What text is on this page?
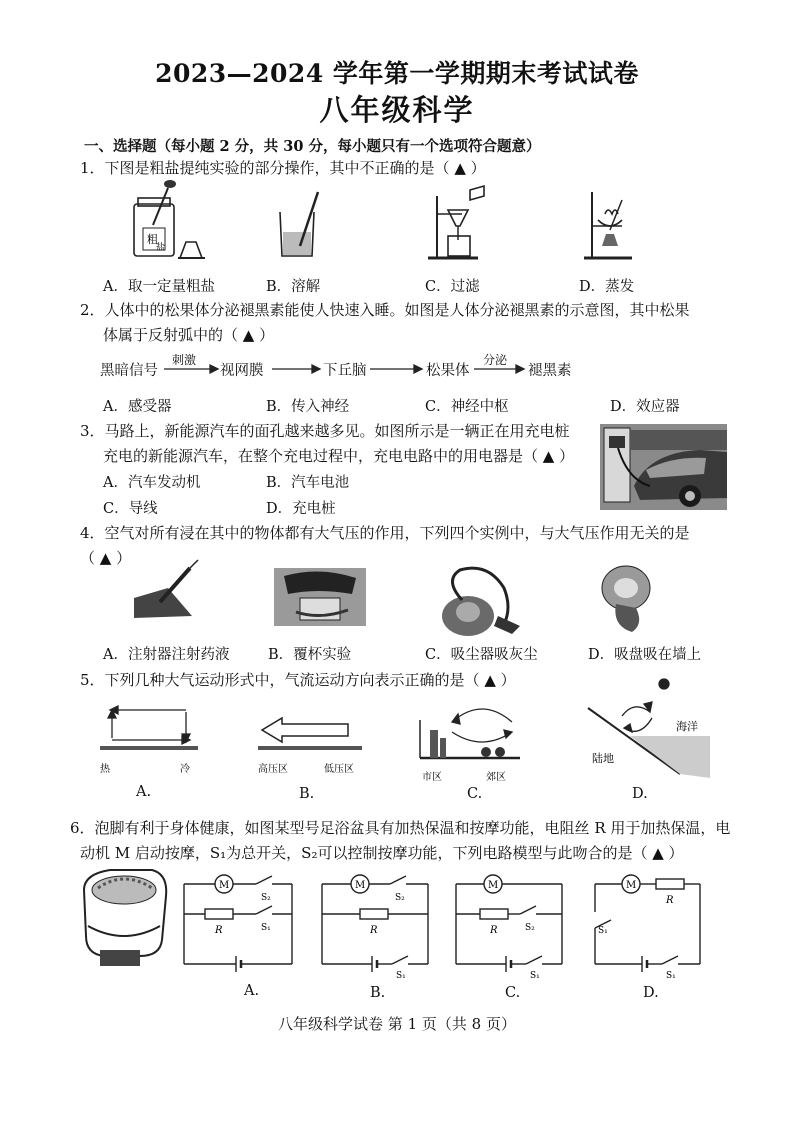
2023—2024 学年第一学期期末考试试卷
八年级科学
一、选择题（每小题 2 分，共 30 分，每小题只有一个选项符合题意）
1．下图是粗盐提纯实验的部分操作，其中不正确的是（ ▲ ）
粗
盐
A．取一定量粗盐	B．溶解	C．过滤	D．蒸发
2．人体中的松果体分泌褪黑素能使人快速入睡。如图是人体分泌褪黑素的示意图，其中松果
体属于反射弧中的（ ▲ ）
黑暗信号	视网膜	下丘脑	松果体	褪黑素
刺激	分泌
A．感受器	B．传入神经	C．神经中枢	D．效应器
3．马路上，新能源汽车的面孔越来越多见。如图所示是一辆正在用充电桩
充电的新能源汽车，在整个充电过程中，充电电路中的用电器是（ ▲ ）
A．汽车发动机	B．汽车电池
C．导线	D．充电桩
4．空气对所有浸在其中的物体都有大气压的作用，下列四个实例中，与大气压作用无关的是
（ ▲ ）
A．注射器注射药液	B．覆杯实验	C．吸尘器吸灰尘	D．吸盘吸在墙上
5．下列几种大气运动形式中，气流运动方向表示正确的是（ ▲ ）
热	冷	高压区	低压区
市区	郊区
海洋
陆地
A.	B.	C.	D.
6．泡脚有利于身体健康，如图某型号足浴盆具有加热保温和按摩功能，电阻丝 R 用于加热保温，电
动机 M 启动按摩，S₁为总开关，S₂可以控制按摩功能，下列电路模型与此吻合的是（ ▲ ）
M
S₂
R	S₁
M
S₂
R
S₁
M
R	S₂
S₁
S₁
M
R
S₁
A.	B.	C.	D.
八年级科学试卷 第 1 页（共 8 页）
